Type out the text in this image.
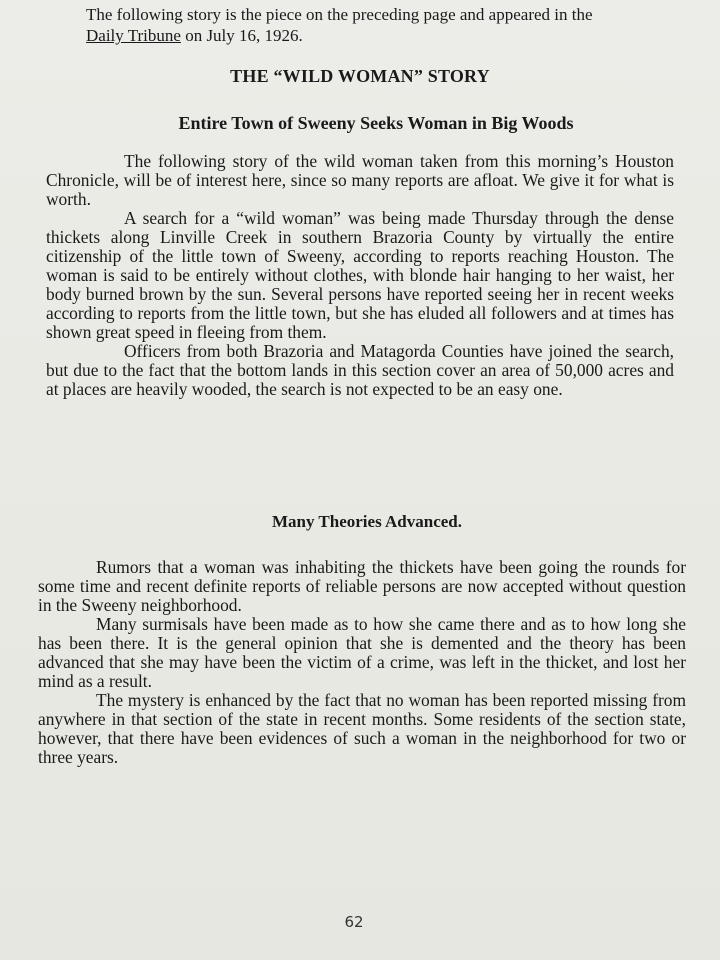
The following story is the piece on the preceding page and appeared in the
Daily Tribune on July 16, 1926.
THE “WILD WOMAN” STORY
Entire Town of Sweeny Seeks Woman in Big Woods

The following story of the wild woman taken from this morning’s Houston Chronicle, will be of interest here, since so many reports are afloat. We give it for what is worth.

A search for a “wild woman” was being made Thursday through the dense thickets along Linville Creek in southern Brazoria County by virtually the entire citizenship of the little town of Sweeny, according to reports reaching Houston. The woman is said to be entirely without clothes, with blonde hair hanging to her waist, her body burned brown by the sun. Several persons have reported seeing her in recent weeks according to reports from the little town, but she has eluded all followers and at times has shown great speed in fleeing from them.

Officers from both Brazoria and Matagorda Counties have joined the search, but due to the fact that the bottom lands in this section cover an area of 50,000 acres and at places are heavily wooded, the search is not expected to be an easy one.

Many Theories Advanced.

Rumors that a woman was inhabiting the thickets have been going the rounds for some time and recent definite reports of reliable persons are now accepted without question in the Sweeny neighborhood.

Many surmisals have been made as to how she came there and as to how long she has been there. It is the general opinion that she is demented and the theory has been advanced that she may have been the victim of a crime, was left in the thicket, and lost her mind as a result.

The mystery is enhanced by the fact that no woman has been reported missing from anywhere in that section of the state in recent months. Some residents of the section state, however, that there have been evidences of such a woman in the neighborhood for two or three years.

62
